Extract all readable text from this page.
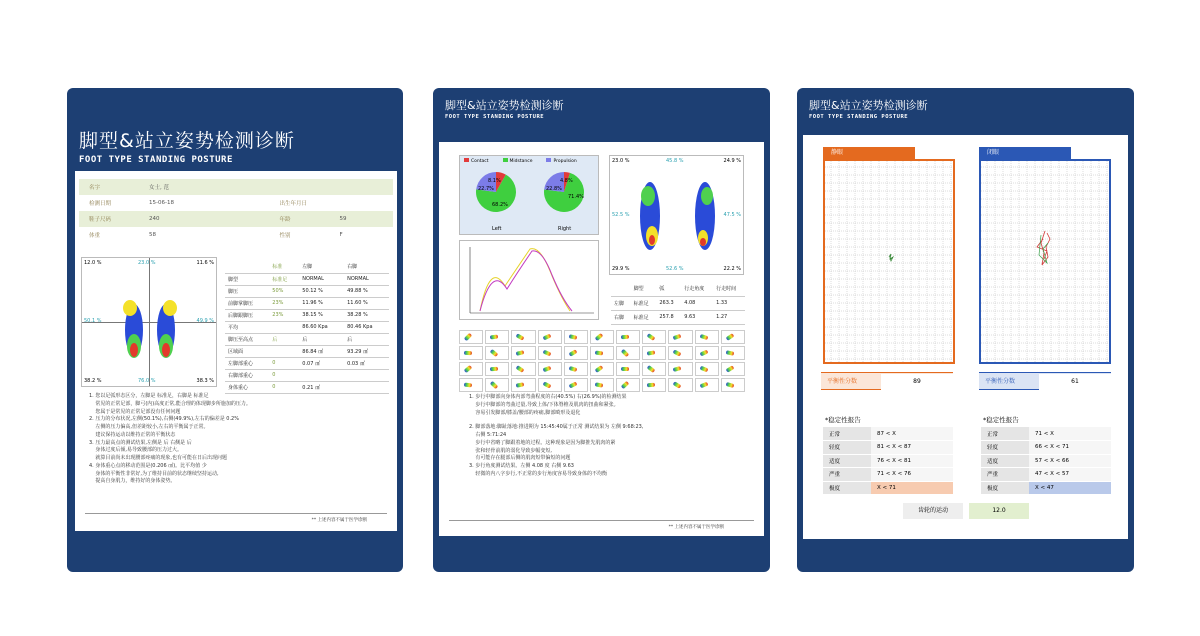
脚型&站立姿势检测诊断
FOOT TYPE STANDING POSTURE
名字	女士, 范		
检测日期	15-06-18	出生年月日	
鞋子尺码	240	年龄	59
体重	58	性别	F
12.0 %	23.0 %	11.6 %
50.1 %	49.9 %
38.2 %	76.0 %	38.3 %
	标准	左脚	右脚
脚型	标准足	NORMAL	NORMAL
脚压	50%	50.12 %	49.88 %
前脚掌脚压	23%	11.96 %	11.60 %
后脚跟脚压	23%	38.15 %	38.28 %
平均		86.60 Kpa	80.46 Kpa
脚压至高点	后	后	后
区域面		86.84 ㎠	93.29 ㎠
左脚部重心	0	0.07 ㎠	0.03 ㎠
右脚部重心	0		
身体重心	0	0.21 ㎠	
1. 您以足弧形态区分，左脚是 标准足，右脚是 标准足
常见的正常足部，脚弓(内)高度正常,能合理的体现脚步所施加的压力。
您属于是常见的正常足部没有任何问题
2. 压力的分布状况,左侧(50.1%),右侧(49.9%),左右的偏差是 0.2%
左侧的压力偏高,但差距较小,左右的平衡属于正常。
建议保持运动以维持正常的平衡状态
3. 压力最高点的测试结果,左侧是 后 右侧是 后
身体过度后倾,易导致腰部的压力过大。
就算目前尚未出现腰部疼痛的现象,也有可能在日后出现问题
4. 身体重心点的移动范围是(0.206 ㎠)。比平均值 少
身体的平衡性非常好,为了维持目前的状态继续坚持运动,
提高自身肌力，维持好的身体姿势。
** 上述内容不属于医学诊断
脚型&站立姿势检测诊断
FOOT TYPE STANDING POSTURE
Contact	Midstance	Propulsion
8.1%
22.7%
68.2%
4.8%
22.8%
71.4%
Left	Right
23.0 %	45.8 %	24.9 %
52.5 %	47.5 %
29.9 %	52.6 %	22.2 %
	脚型	弧	行走角度	行走时间
左脚	标准足	263.3	4.08	1.33
右脚	标准足	257.8	9.63	1.27
1. 步行中脚部向身体内部弯曲程度的右(40.5%) 右(26.9%)的检测结果
步行中脚部的弯曲过量,导致上体/下体脊椎及肌肉的扭曲和紧张。
容易引发脚部/膝盖/腰部的疼痛,脚部畸形及退化
2. 脚部落地:脚趾落地:推进期为 15:45:40属于正常 测试结果为 左侧 9:68:23,
右侧 5:71:24
步行中省略了脚跟着地的过程。这种现象是因为脚推先肌肉的紧
张和轻骨前肌的弱化导致步幅变短,
有可能存在腿部后侧的肌肉短带偏短的问题
3. 步行角度测试结果。左侧 4.08 度 右侧 9.63
轻微的内八字步行,不正常的步行角度容易导致身体的不均衡
** 上述内容不属于医学诊断
脚型&站立姿势检测诊断
FOOT TYPE STANDING POSTURE
静眼	闭眼
平衡性分数	89	平衡性分数	61
*稳定性报告
正常	87 < X
轻度	81 < X < 87
适度	76 < X < 81
严重	71 < X < 76
极度	X < 71
*稳定性报告
正常	71 < X
轻度	66 < X < 71
适度	57 < X < 66
严重	47 < X < 57
极度	X < 47
齿轮的运动	12.0
